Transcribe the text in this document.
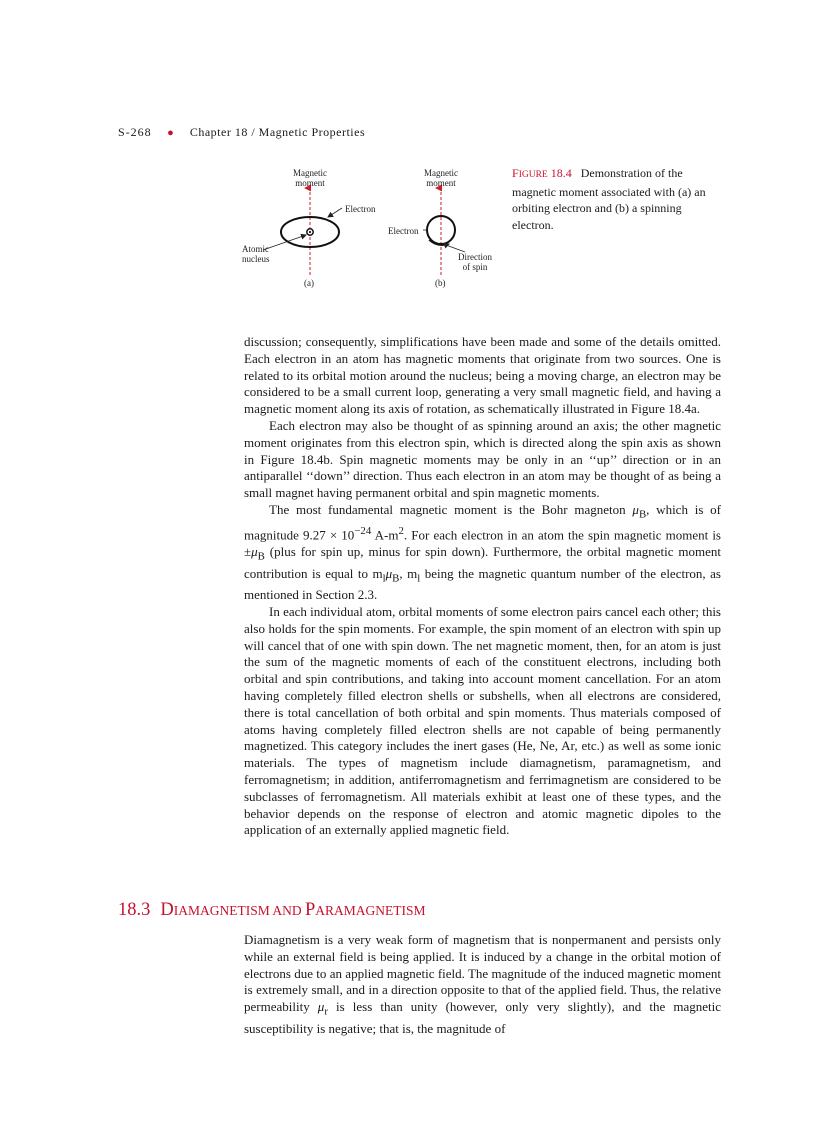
S-268 ● Chapter 18 / Magnetic Properties
Magnetic
moment
Electron
Atomic
nucleus
(a)
Magnetic
moment
Electron
Direction
of spin
(b)
FIGURE 18.4 Demonstration of the magnetic moment associated with (a) an orbiting electron and (b) a spinning electron.

discussion; consequently, simplifications have been made and some of the details omitted. Each electron in an atom has magnetic moments that originate from two sources. One is related to its orbital motion around the nucleus; being a moving charge, an electron may be considered to be a small current loop, generating a very small magnetic field, and having a magnetic moment along its axis of rotation, as schematically illustrated in Figure 18.4a.

Each electron may also be thought of as spinning around an axis; the other magnetic moment originates from this electron spin, which is directed along the spin axis as shown in Figure 18.4b. Spin magnetic moments may be only in an ‘‘up’’ direction or in an antiparallel ‘‘down’’ direction. Thus each electron in an atom may be thought of as being a small magnet having permanent orbital and spin magnetic moments.

The most fundamental magnetic moment is the Bohr magneton $\mu_B$, which is of magnitude $9.27 \times 10^{-24}$ $A-m^2$. For each electron in an atom the spin magnetic moment is $\pm\mu_B$ (plus for spin up, minus for spin down). Furthermore, the orbital magnetic moment contribution is equal to $m_l\mu_B$, $m_l$ being the magnetic quantum number of the electron, as mentioned in Section 2.3.

In each individual atom, orbital moments of some electron pairs cancel each other; this also holds for the spin moments. For example, the spin moment of an electron with spin up will cancel that of one with spin down. The net magnetic moment, then, for an atom is just the sum of the magnetic moments of each of the constituent electrons, including both orbital and spin contributions, and taking into account moment cancellation. For an atom having completely filled electron shells or subshells, when all electrons are considered, there is total cancellation of both orbital and spin moments. Thus materials composed of atoms having completely filled electron shells are not capable of being permanently magnetized. This category includes the inert gases (He, Ne, Ar, etc.) as well as some ionic materials. The types of magnetism include diamagnetism, paramagnetism, and ferromagnetism; in addition, antiferromagnetism and ferrimagnetism are considered to be subclasses of ferromagnetism. All materials exhibit at least one of these types, and the behavior depends on the response of electron and atomic magnetic dipoles to the application of an externally applied magnetic field.

18.3 DIAMAGNETISM AND PARAMAGNETISM

Diamagnetism is a very weak form of magnetism that is nonpermanent and persists only while an external field is being applied. It is induced by a change in the orbital motion of electrons due to an applied magnetic field. The magnitude of the induced magnetic moment is extremely small, and in a direction opposite to that of the applied field. Thus, the relative permeability $\mu_r$ is less than unity (however, only very slightly), and the magnetic susceptibility is negative; that is, the magnitude of
